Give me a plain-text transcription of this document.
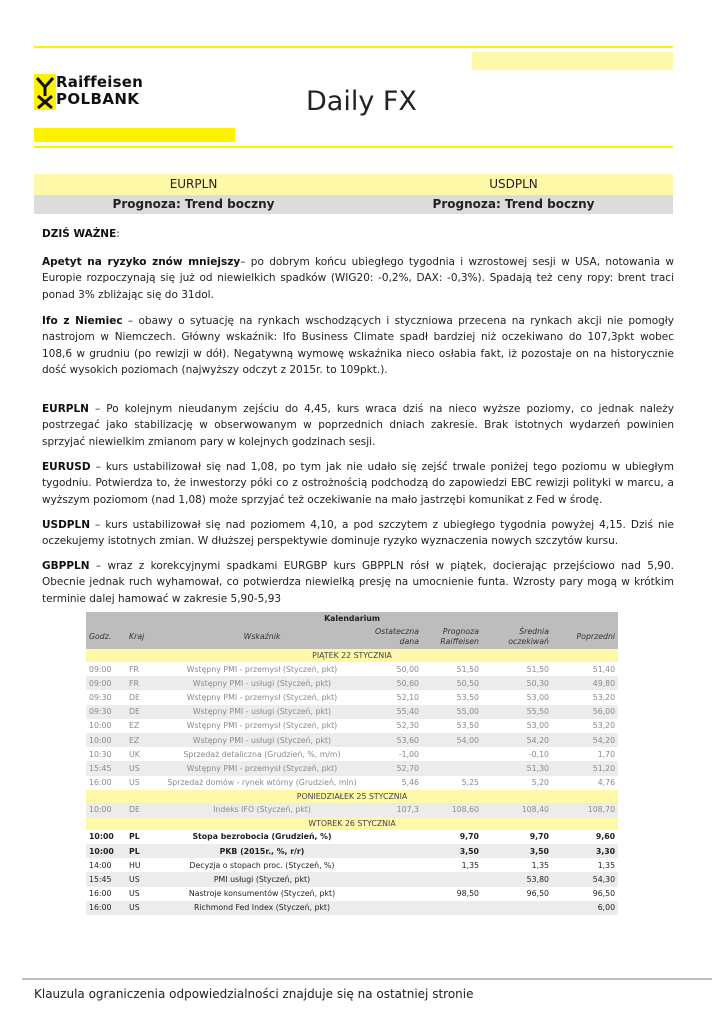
Raiffeisen
POLBANK	Daily FX
EURPLN	USDPLN
Prognoza: Trend boczny	Prognoza: Trend boczny
DZIŚ WAŻNE:
Apetyt na ryzyko znów mniejszy– po dobrym końcu ubiegłego tygodnia i wzrostowej sesji w USA, notowania w Europie rozpoczynają się już od niewielkich spadków (WIG20: -0,2%, DAX: -0,3%). Spadają też ceny ropy: brent traci ponad 3% zbliżając się do 31dol.
Ifo z Niemiec – obawy o sytuację na rynkach wschodzących i styczniowa przecena na rynkach akcji nie pomogły nastrojom w Niemczech. Główny wskaźnik: Ifo Business Climate spadł bardziej niż oczekiwano do 107,3pkt wobec 108,6 w grudniu (po rewizji w dół). Negatywną wymowę wskaźnika nieco osłabia fakt, iż pozostaje on na historycznie dość wysokich poziomach (najwyższy odczyt z 2015r. to 109pkt.).
EURPLN – Po kolejnym nieudanym zejściu do 4,45, kurs wraca dziś na nieco wyższe poziomy, co jednak należy postrzegać jako stabilizację w obserwowanym w poprzednich dniach zakresie. Brak istotnych wydarzeń powinien sprzyjać niewielkim zmianom pary w kolejnych godzinach sesji.
EURUSD – kurs ustabilizował się nad 1,08, po tym jak nie udało się zejść trwale poniżej tego poziomu w ubiegłym tygodniu. Potwierdza to, że inwestorzy póki co z ostrożnością podchodzą do zapowiedzi EBC rewizji polityki w marcu, a wyższym poziomom (nad 1,08) może sprzyjać też oczekiwanie na mało jastrzębi komunikat z Fed w środę.
USDPLN – kurs ustabilizował się nad poziomem 4,10, a pod szczytem z ubiegłego tygodnia powyżej 4,15. Dziś nie oczekujemy istotnych zmian. W dłuższej perspektywie dominuje ryzyko wyznaczenia nowych szczytów kursu.
GBPPLN – wraz z korekcyjnymi spadkami EURGBP kurs GBPPLN rósł w piątek, docierając przejściowo nad 5,90. Obecnie jednak ruch wyhamował, co potwierdza niewielką presję na umocnienie funta. Wzrosty pary mogą w krótkim terminie dalej hamować w zakresie 5,90-5,93
Kalendarium						
Godz.	Kraj	Wskaźnik	Ostateczna dana	Prognoza Raiffeisen	Średnia oczekiwań	Poprzedni
PIĄTEK 22 STYCZNIA						
09:00	FR	Wstępny PMI - przemysł (Styczeń, pkt)	50,00	51,50	51,50	51,40
09:00	FR	Wstępny PMI - usługi (Styczeń, pkt)	50,60	50,50	50,30	49,80
09:30	DE	Wstępny PMI - przemysł (Styczeń, pkt)	52,10	53,50	53,00	53,20
09:30	DE	Wstępny PMI - usługi (Styczeń, pkt)	55,40	55,00	55,50	56,00
10:00	EZ	Wstępny PMI - przemysł (Styczeń, pkt)	52,30	53,50	53,00	53,20
10:00	EZ	Wstępny PMI - usługi (Styczeń, pkt)	53,60	54,00	54,20	54,20
10:30	UK	Sprzedaż detaliczna (Grudzień, %, m/m)	-1,00		-0,10	1,70
15:45	US	Wstępny PMI - przemysł (Styczeń, pkt)	52,70		51,30	51,20
16:00	US	Sprzedaż domów - rynek wtórny (Grudzień, mln)	5,46	5,25	5,20	4,76
PONIEDZIAŁEK 25 STYCZNIA						
10:00	DE	Indeks IFO (Styczeń, pkt)	107,3	108,60	108,40	108,70
WTOREK 26 STYCZNIA						
10:00	PL	Stopa bezrobocia (Grudzień, %)		9,70	9,70	9,60
10:00	PL	PKB (2015r., %, r/r)		3,50	3,50	3,30
14:00	HU	Decyzja o stopach proc. (Styczeń, %)		1,35	1,35	1,35
15:45	US	PMI usługi (Styczeń, pkt)			53,80	54,30
16:00	US	Nastroje konsumentów (Styczeń, pkt)		98,50	96,50	96,50
16:00	US	Richmond Fed Index (Styczeń, pkt)				6,00
Klauzula ograniczenia odpowiedzialności znajduje się na ostatniej stronie
